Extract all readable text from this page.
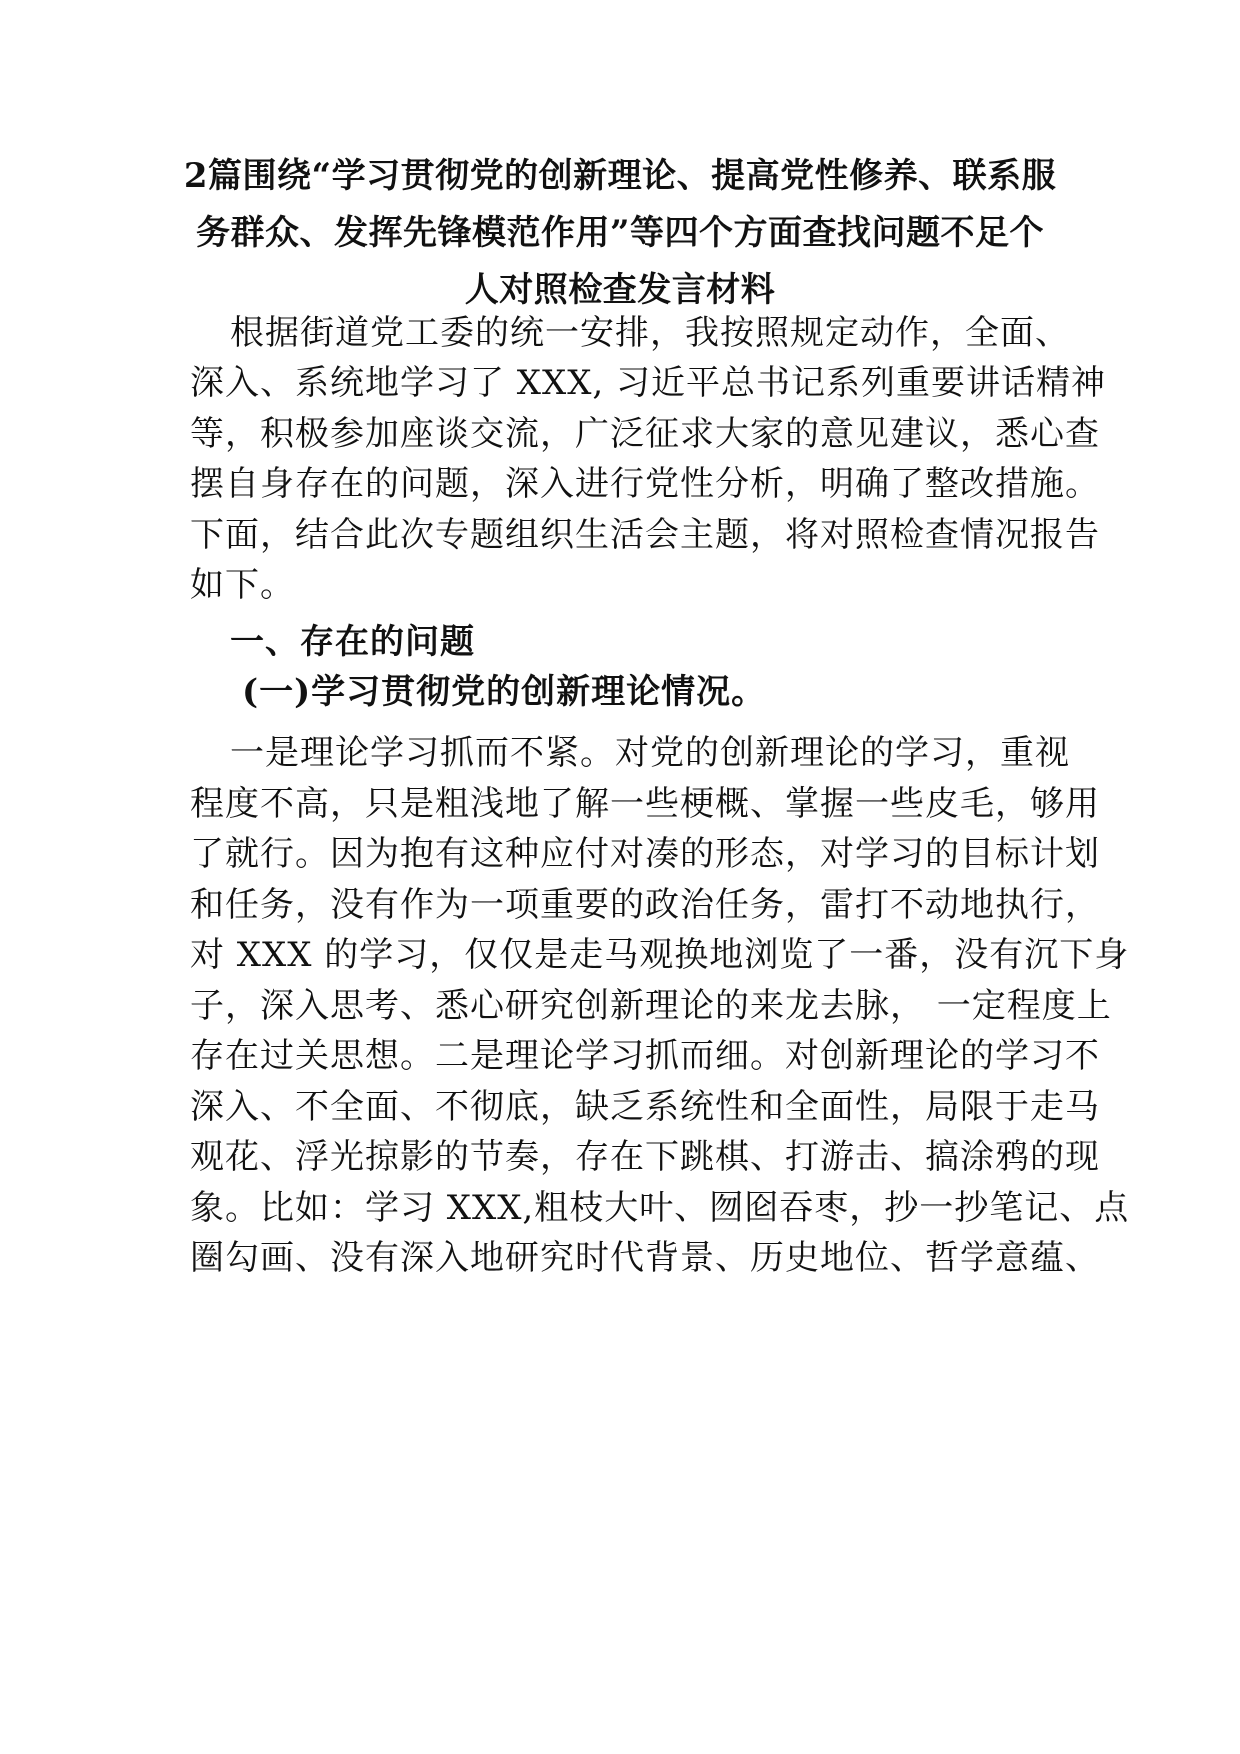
2篇围绕“学习贯彻党的创新理论、提高党性修养、联系服
务群众、发挥先锋模范作用”等四个方面查找问题不足个
人对照检查发言材料
根据街道党工委的统一安排，我按照规定动作，全面、
深入、系统地学习了 XXX, 习近平总书记系列重要讲话精神
等，积极参加座谈交流，广泛征求大家的意见建议，悉心查
摆自身存在的问题，深入进行党性分析，明确了整改措施。
下面，结合此次专题组织生活会主题，将对照检查情况报告
如下。
一、存在的问题
(一)学习贯彻党的创新理论情况。
一是理论学习抓而不紧。对党的创新理论的学习，重视
程度不高，只是粗浅地了解一些梗概、掌握一些皮毛，够用
了就行。因为抱有这种应付对凑的形态，对学习的目标计划
和任务，没有作为一项重要的政治任务，雷打不动地执行，
对 XXX 的学习，仅仅是走马观换地浏览了一番，没有沉下身
子，深入思考、悉心研究创新理论的来龙去脉， 一定程度上
存在过关思想。二是理论学习抓而细。对创新理论的学习不
深入、不全面、不彻底，缺乏系统性和全面性，局限于走马
观花、浮光掠影的节奏，存在下跳棋、打游击、搞涂鸦的现
象。比如：学习 XXX,粗枝大叶、囫囵吞枣，抄一抄笔记、点
圈勾画、没有深入地研究时代背景、历史地位、哲学意蕴、
